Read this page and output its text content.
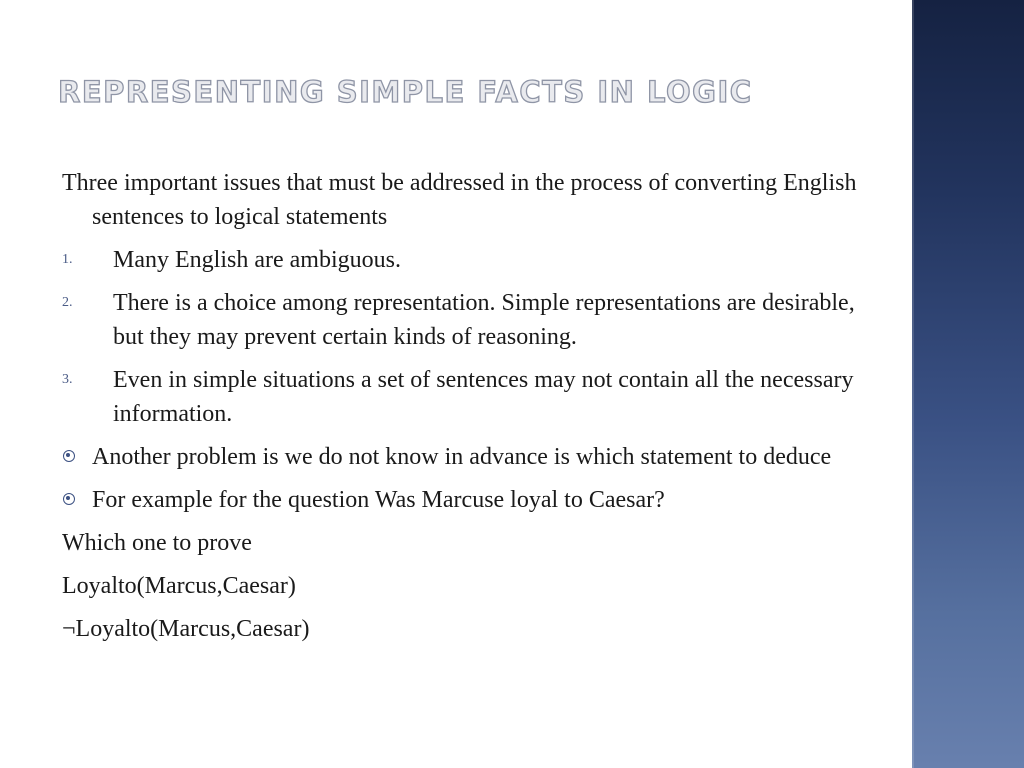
REPRESENTING SIMPLE FACTS IN LOGIC

Three important issues that must be addressed in the process of converting English sentences to logical statements

1. Many English are ambiguous.
2. There is a choice among representation. Simple representations are desirable, but they may prevent certain kinds of reasoning.
3. Even in simple situations a set of sentences may not contain all the necessary information.
Another problem is we do not know in advance is which statement to deduce
For example for the question Was Marcuse loyal to Caesar?

Which one to prove

Loyalto(Marcus,Caesar)

¬Loyalto(Marcus,Caesar)
